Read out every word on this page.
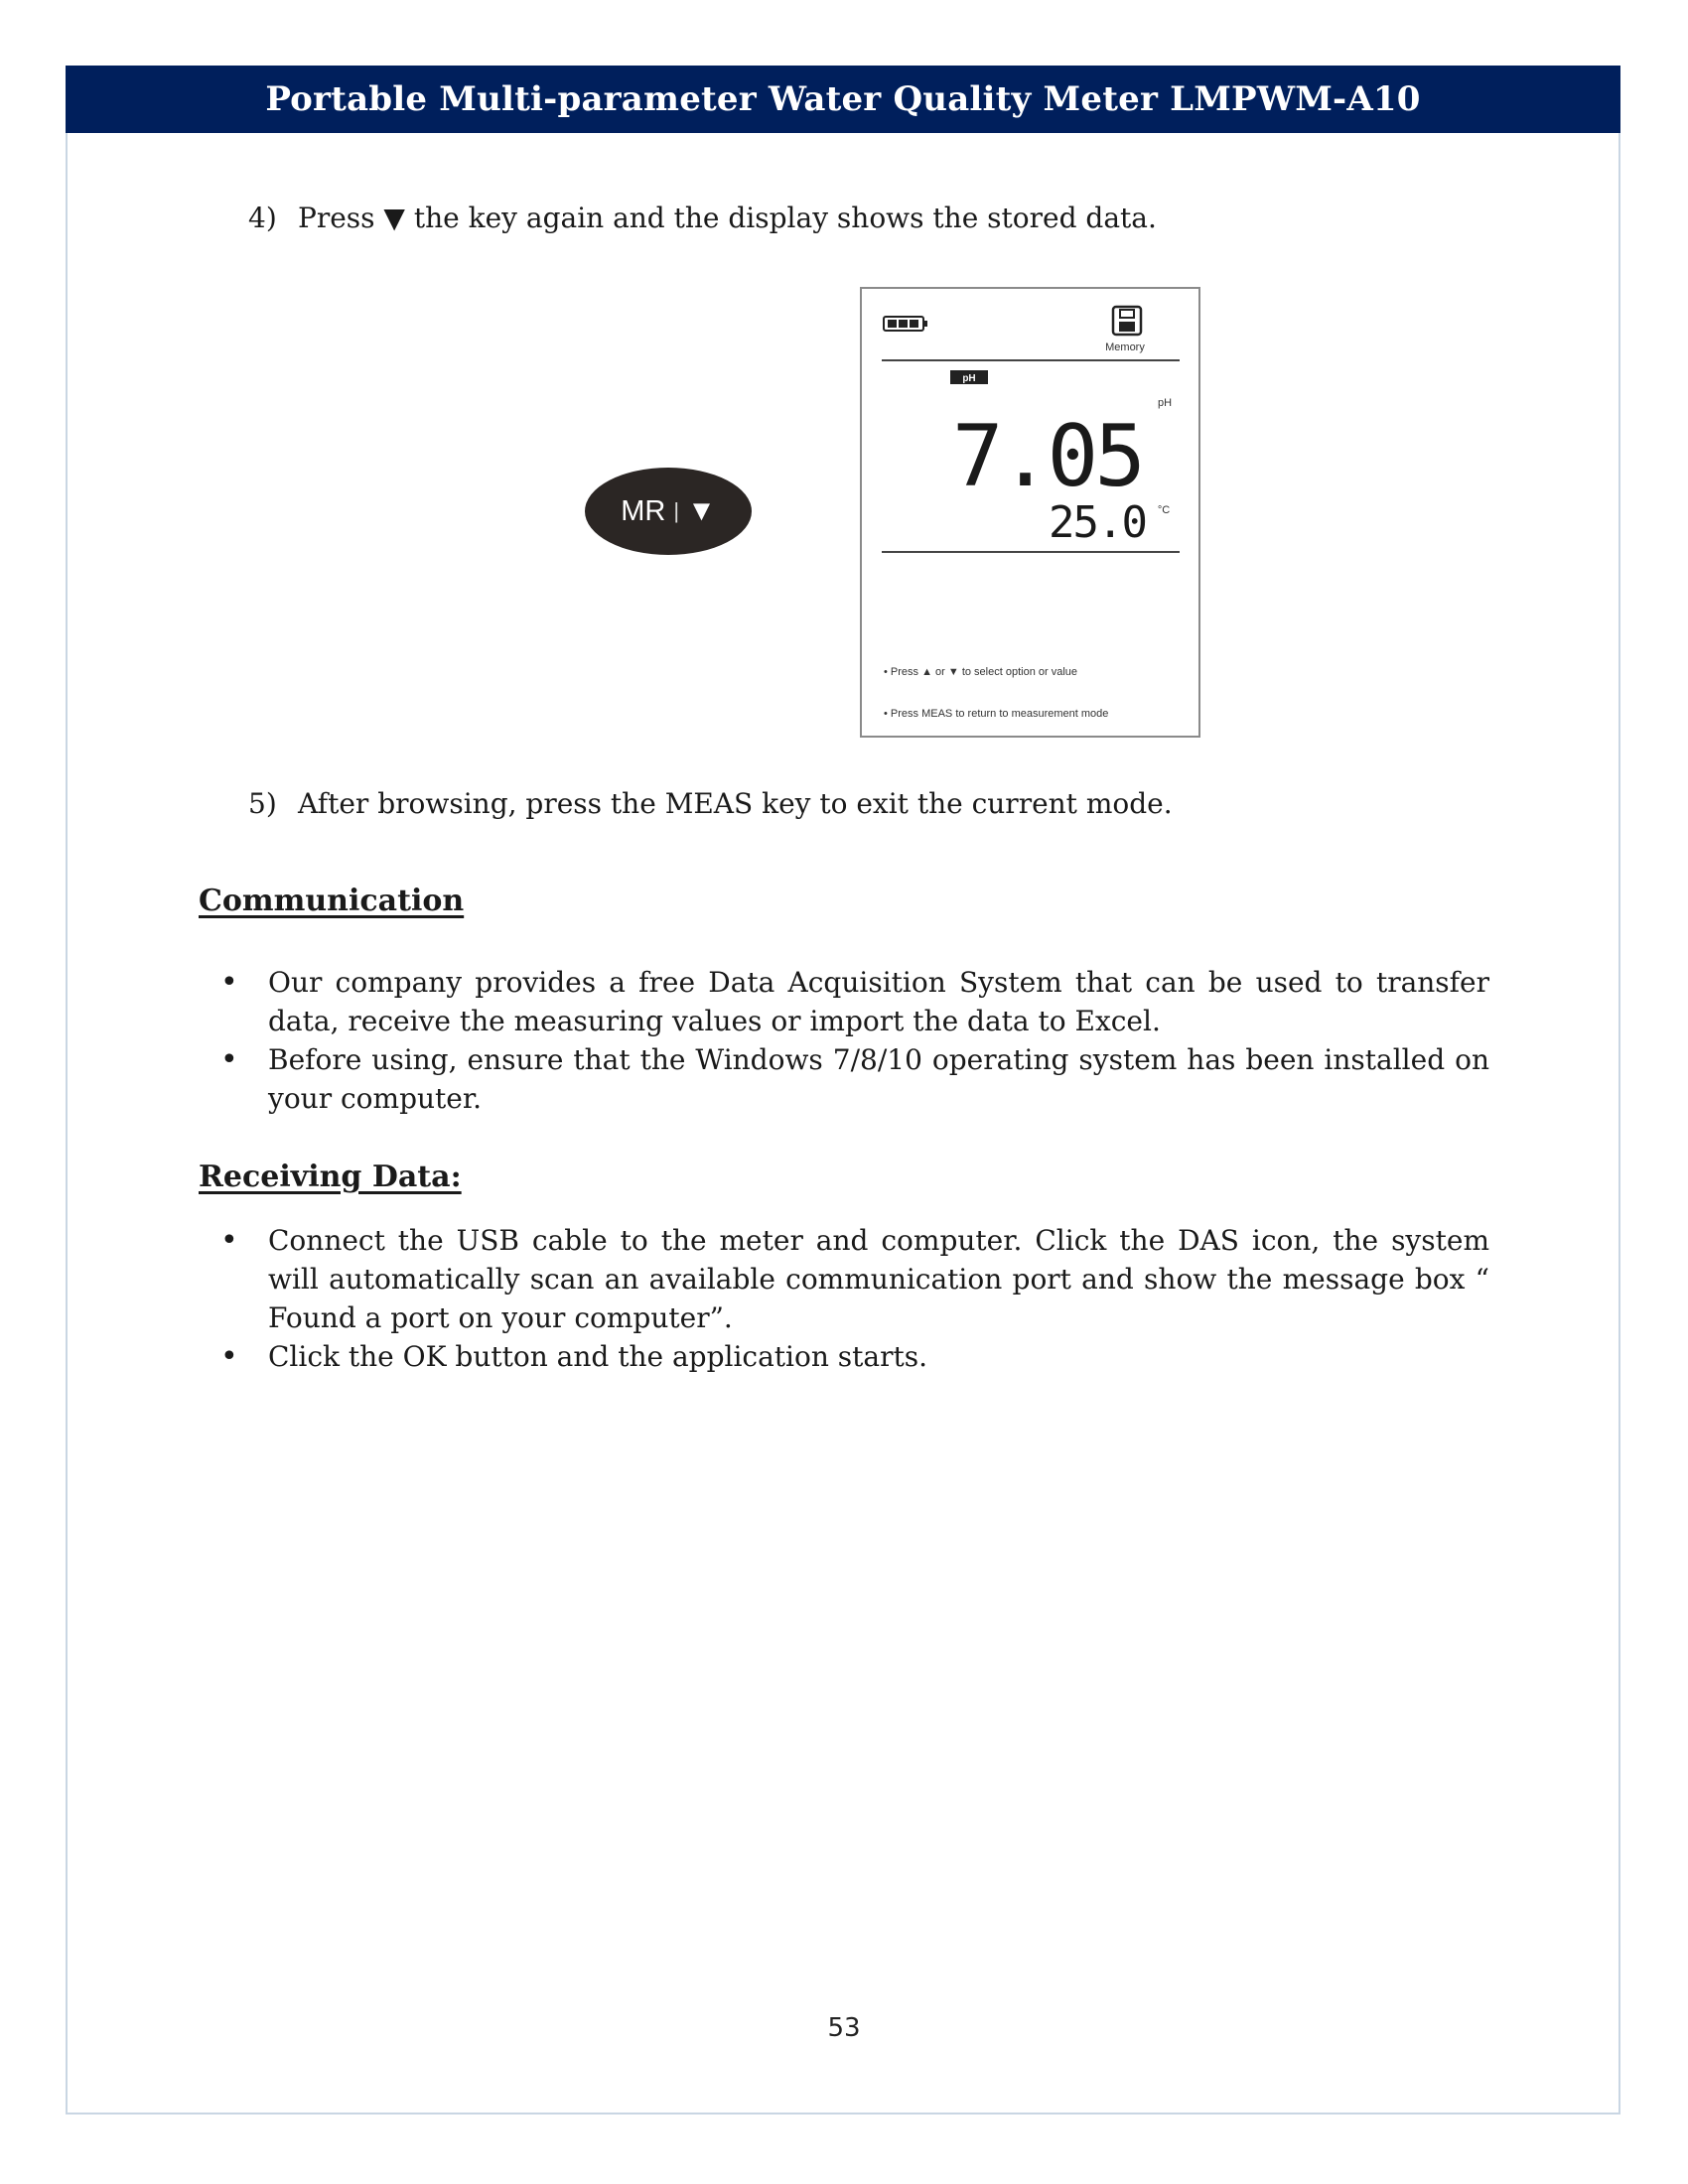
Portable Multi-parameter Water Quality Meter LMPWM-A10
4) Press ▼ the key again and the display shows the stored data.
MR | ▼
Memory
pH
pH
7.05
25.0 °C
• Press ▲ or ▼ to select option or value
• Press MEAS to return to measurement mode
5) After browsing, press the MEAS key to exit the current mode.
Communication
• Our company provides a free Data Acquisition System that can be used to transfer data, receive the measuring values or import the data to Excel.
• Before using, ensure that the Windows 7/8/10 operating system has been installed on your computer.
Receiving Data:
• Connect the USB cable to the meter and computer. Click the DAS icon, the system will automatically scan an available communication port and show the message box “ Found a port on your computer”.
• Click the OK button and the application starts.
53
